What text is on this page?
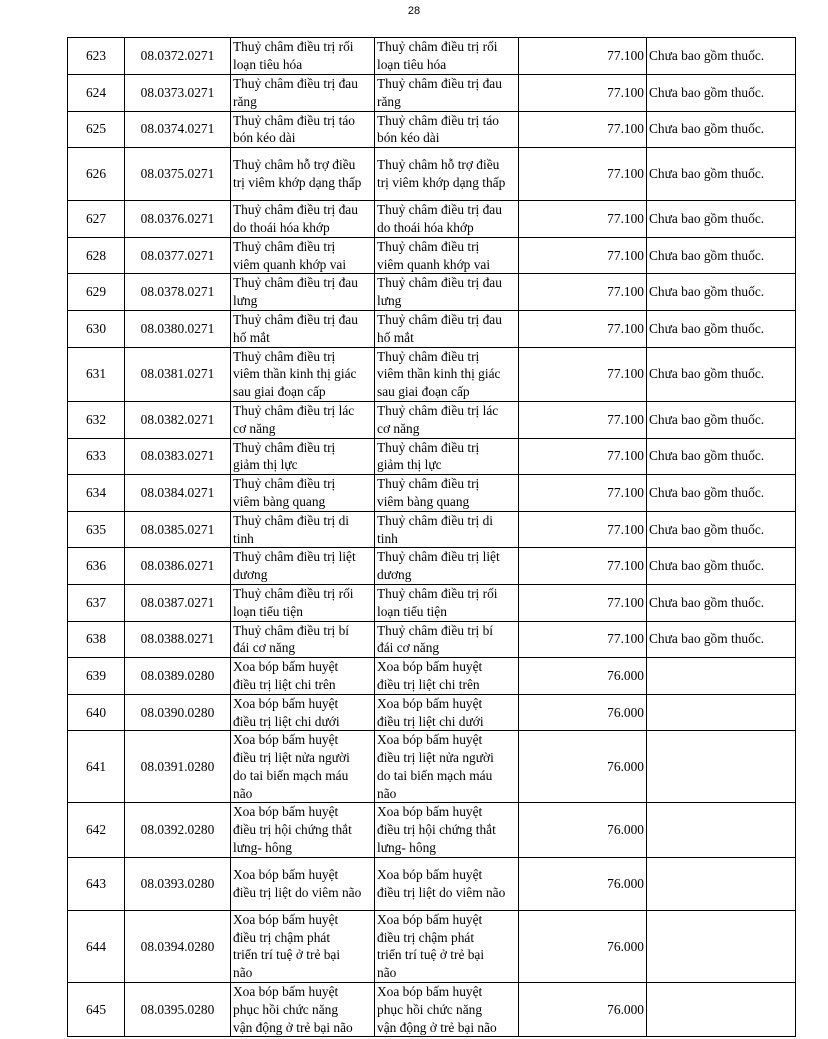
28
623	08.0372.0271	Thuỷ châm điều trị rối
loạn tiêu hóa	Thuỷ châm điều trị rối
loạn tiêu hóa	77.100	Chưa bao gồm thuốc.
624	08.0373.0271	Thuỷ châm điều trị đau
răng	Thuỷ châm điều trị đau
răng	77.100	Chưa bao gồm thuốc.
625	08.0374.0271	Thuỷ châm điều trị táo
bón kéo dài	Thuỷ châm điều trị táo
bón kéo dài	77.100	Chưa bao gồm thuốc.
626	08.0375.0271	Thuỷ châm hỗ trợ điều
trị viêm khớp dạng thấp	Thuỷ châm hỗ trợ điều
trị viêm khớp dạng thấp	77.100	Chưa bao gồm thuốc.
627	08.0376.0271	Thuỷ châm điều trị đau
do thoái hóa khớp	Thuỷ châm điều trị đau
do thoái hóa khớp	77.100	Chưa bao gồm thuốc.
628	08.0377.0271	Thuỷ châm điều trị
viêm quanh khớp vai	Thuỷ châm điều trị
viêm quanh khớp vai	77.100	Chưa bao gồm thuốc.
629	08.0378.0271	Thuỷ châm điều trị đau
lưng	Thuỷ châm điều trị đau
lưng	77.100	Chưa bao gồm thuốc.
630	08.0380.0271	Thuỷ châm điều trị đau
hố mắt	Thuỷ châm điều trị đau
hố mắt	77.100	Chưa bao gồm thuốc.
631	08.0381.0271	Thuỷ châm điều trị
viêm thần kinh thị giác
sau giai đoạn cấp	Thuỷ châm điều trị
viêm thần kinh thị giác
sau giai đoạn cấp	77.100	Chưa bao gồm thuốc.
632	08.0382.0271	Thuỷ châm điều trị lác
cơ năng	Thuỷ châm điều trị lác
cơ năng	77.100	Chưa bao gồm thuốc.
633	08.0383.0271	Thuỷ châm điều trị
giảm thị lực	Thuỷ châm điều trị
giảm thị lực	77.100	Chưa bao gồm thuốc.
634	08.0384.0271	Thuỷ châm điều trị
viêm bàng quang	Thuỷ châm điều trị
viêm bàng quang	77.100	Chưa bao gồm thuốc.
635	08.0385.0271	Thuỷ châm điều trị di
tinh	Thuỷ châm điều trị di
tinh	77.100	Chưa bao gồm thuốc.
636	08.0386.0271	Thuỷ châm điều trị liệt
dương	Thuỷ châm điều trị liệt
dương	77.100	Chưa bao gồm thuốc.
637	08.0387.0271	Thuỷ châm điều trị rối
loạn tiểu tiện	Thuỷ châm điều trị rối
loạn tiểu tiện	77.100	Chưa bao gồm thuốc.
638	08.0388.0271	Thuỷ châm điều trị bí
đái cơ năng	Thuỷ châm điều trị bí
đái cơ năng	77.100	Chưa bao gồm thuốc.
639	08.0389.0280	Xoa bóp bấm huyệt
điều trị liệt chi trên	Xoa bóp bấm huyệt
điều trị liệt chi trên	76.000	
640	08.0390.0280	Xoa bóp bấm huyệt
điều trị liệt chi dưới	Xoa bóp bấm huyệt
điều trị liệt chi dưới	76.000	
641	08.0391.0280	Xoa bóp bấm huyệt
điều trị liệt nửa người
do tai biến mạch máu
não	Xoa bóp bấm huyệt
điều trị liệt nửa người
do tai biến mạch máu
não	76.000	
642	08.0392.0280	Xoa bóp bấm huyệt
điều trị hội chứng thắt
lưng- hông	Xoa bóp bấm huyệt
điều trị hội chứng thắt
lưng- hông	76.000	
643	08.0393.0280	Xoa bóp bấm huyệt
điều trị liệt do viêm não	Xoa bóp bấm huyệt
điều trị liệt do viêm não	76.000	
644	08.0394.0280	Xoa bóp bấm huyệt
điều trị chậm phát
triển trí tuệ ở trẻ bại
não	Xoa bóp bấm huyệt
điều trị chậm phát
triển trí tuệ ở trẻ bại
não	76.000	
645	08.0395.0280	Xoa bóp bấm huyệt
phục hồi chức năng
vận động ở trẻ bại não	Xoa bóp bấm huyệt
phục hồi chức năng
vận động ở trẻ bại não	76.000	
